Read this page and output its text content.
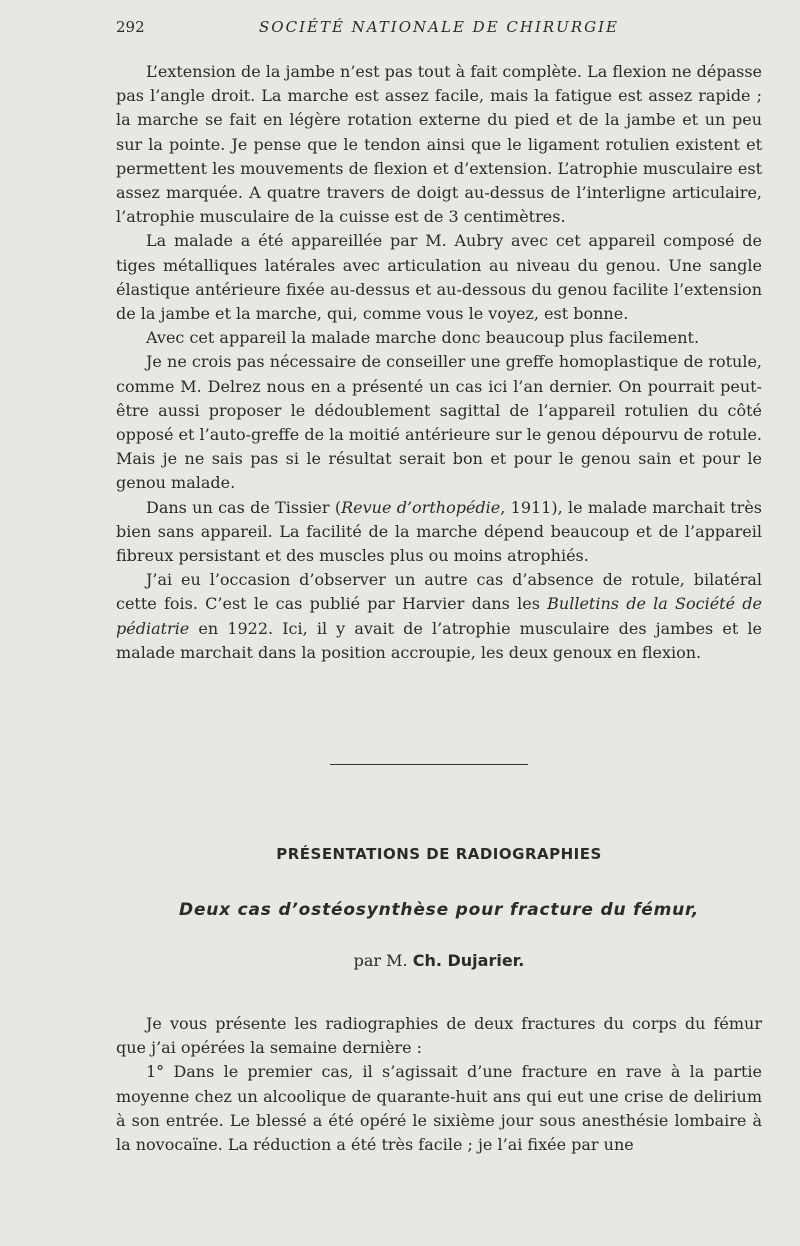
292	SOCIÉTÉ NATIONALE DE CHIRURGIE

L’extension de la jambe n’est pas tout à fait complète. La flexion ne dépasse pas l’angle droit. La marche est assez facile, mais la fatigue est assez rapide ; la marche se fait en légère rotation externe du pied et de la jambe et un peu sur la pointe. Je pense que le tendon ainsi que le ligament rotulien existent et permettent les mouvements de flexion et d’extension. L’atrophie musculaire est assez marquée. A quatre travers de doigt au-dessus de l’interligne articulaire, l’atrophie musculaire de la cuisse est de 3 centimètres.

La malade a été appareillée par M. Aubry avec cet appareil composé de tiges métalliques latérales avec articulation au niveau du genou. Une sangle élastique antérieure fixée au-dessus et au-dessous du genou facilite l’extension de la jambe et la marche, qui, comme vous le voyez, est bonne.

Avec cet appareil la malade marche donc beaucoup plus facilement.

Je ne crois pas nécessaire de conseiller une greffe homoplastique de rotule, comme M. Delrez nous en a présenté un cas ici l’an dernier. On pourrait peut-être aussi proposer le dédoublement sagittal de l’appareil rotulien du côté opposé et l’auto-greffe de la moitié antérieure sur le genou dépourvu de rotule. Mais je ne sais pas si le résultat serait bon et pour le genou sain et pour le genou malade.

Dans un cas de Tissier (Revue d’orthopédie, 1911), le malade marchait très bien sans appareil. La facilité de la marche dépend beaucoup et de l’appareil fibreux persistant et des muscles plus ou moins atrophiés.

J’ai eu l’occasion d’observer un autre cas d’absence de rotule, bilatéral cette fois. C’est le cas publié par Harvier dans les Bulletins de la Société de pédiatrie en 1922. Ici, il y avait de l’atrophie musculaire des jambes et le malade marchait dans la position accroupie, les deux genoux en flexion.

PRÉSENTATIONS DE RADIOGRAPHIES
Deux cas d’ostéosynthèse pour fracture du fémur,
par M. Ch. Dujarier.

Je vous présente les radiographies de deux fractures du corps du fémur que j’ai opérées la semaine dernière :

1° Dans le premier cas, il s’agissait d’une fracture en rave à la partie moyenne chez un alcoolique de quarante-huit ans qui eut une crise de delirium à son entrée. Le blessé a été opéré le sixième jour sous anesthésie lombaire à la novocaïne. La réduction a été très facile ; je l’ai fixée par une
